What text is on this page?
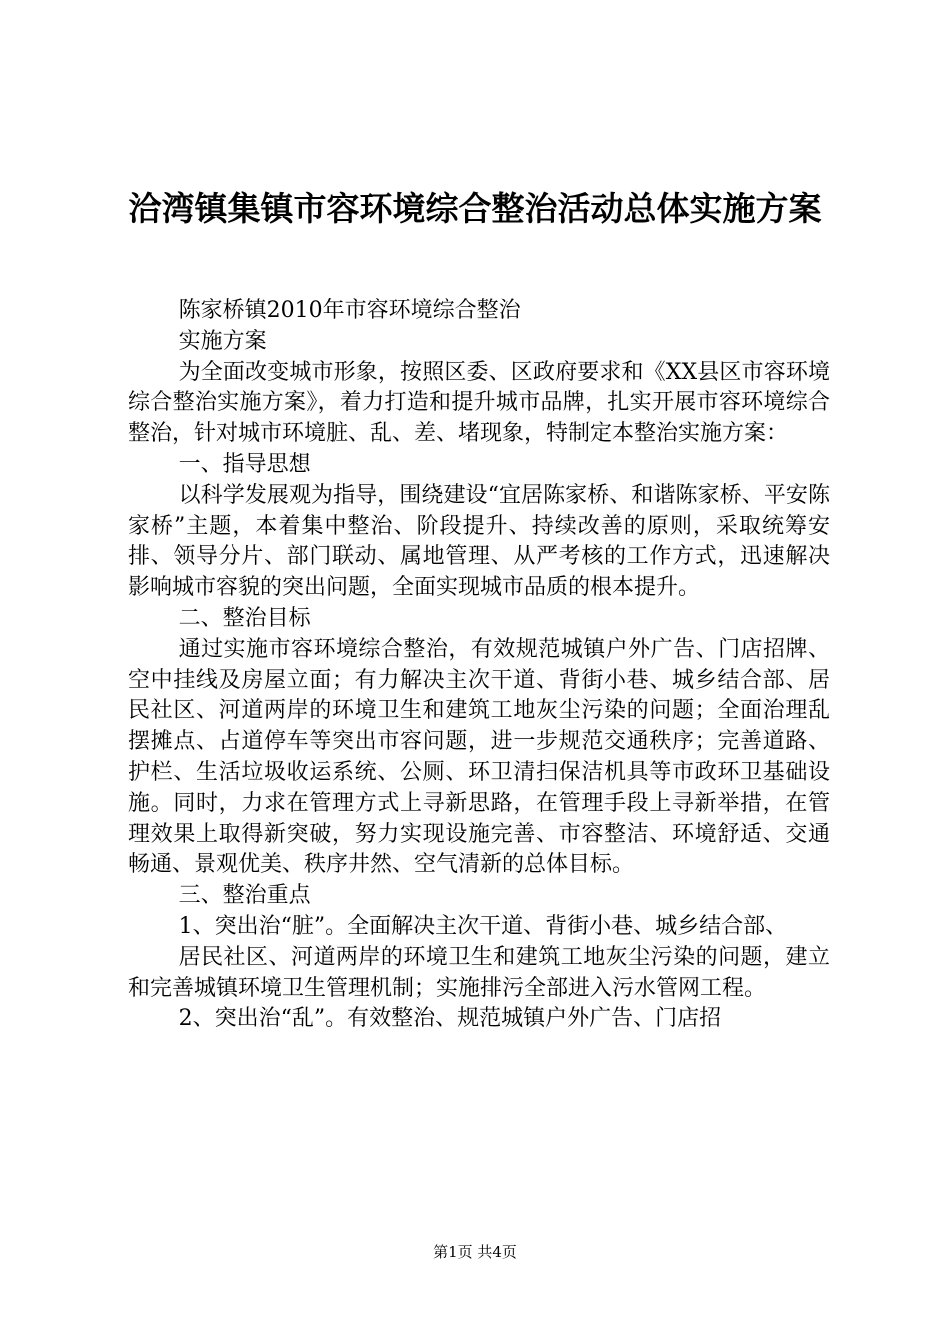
洽湾镇集镇市容环境综合整治活动总体实施方案

陈家桥镇2010年市容环境综合整治

实施方案

为全面改变城市形象，按照区委、区政府要求和《XX县区市容环境综合整治实施方案》，着力打造和提升城市品牌，扎实开展市容环境综合整治，针对城市环境脏、乱、差、堵现象，特制定本整治实施方案：

一、指导思想

以科学发展观为指导，围绕建设“宜居陈家桥、和谐陈家桥、平安陈家桥”主题，本着集中整治、阶段提升、持续改善的原则，采取统筹安排、领导分片、部门联动、属地管理、从严考核的工作方式，迅速解决影响城市容貌的突出问题，全面实现城市品质的根本提升。

二、整治目标

通过实施市容环境综合整治，有效规范城镇户外广告、门店招牌、空中挂线及房屋立面；有力解决主次干道、背街小巷、城乡结合部、居民社区、河道两岸的环境卫生和建筑工地灰尘污染的问题；全面治理乱摆摊点、占道停车等突出市容问题，进一步规范交通秩序；完善道路、护栏、生活垃圾收运系统、公厕、环卫清扫保洁机具等市政环卫基础设施。同时，力求在管理方式上寻新思路，在管理手段上寻新举措，在管理效果上取得新突破，努力实现设施完善、市容整洁、环境舒适、交通畅通、景观优美、秩序井然、空气清新的总体目标。

三、整治重点

1、突出治“脏”。全面解决主次干道、背街小巷、城乡结合部、

居民社区、河道两岸的环境卫生和建筑工地灰尘污染的问题，建立和完善城镇环境卫生管理机制；实施排污全部进入污水管网工程。

2、突出治“乱”。有效整治、规范城镇户外广告、门店招

第1页 共4页
